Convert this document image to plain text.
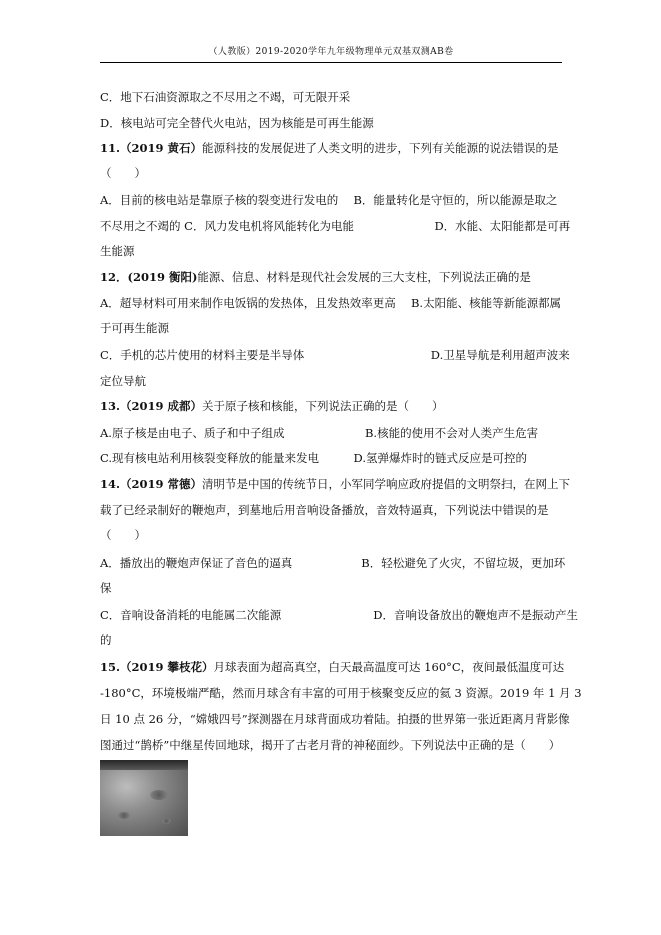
（人教版）2019-2020学年九年级物理单元双基双测AB卷
C．地下石油资源取之不尽用之不竭，可无限开采
D．核电站可完全替代火电站，因为核能是可再生能源
11.（2019 黄石）能源科技的发展促进了人类文明的进步，下列有关能源的说法错误的是
（　　）
A．目前的核电站是靠原子核的裂变进行发电的　 B．能量转化是守恒的，所以能源是取之
不尽用之不竭的 C．风力发电机将风能转化为电能　　　　　　　D．水能、太阳能都是可再
生能源
12．(2019 衡阳)能源、信息、材料是现代社会发展的三大支柱，下列说法正确的是
A．超导材料可用来制作电饭锅的发热体，且发热效率更高　 B.太阳能、核能等新能源都属
于可再生能源
C．手机的芯片使用的材料主要是半导体　　　　　　　　　　　D.卫星导航是利用超声波来
定位导航
13.（2019 成都）关于原子核和核能，下列说法正确的是（　　）
A.原子核是由电子、质子和中子组成　　　　　　　B.核能的使用不会对人类产生危害
C.现有核电站利用核裂变释放的能量来发电　　　D.氢弹爆炸时的链式反应是可控的
14.（2019 常德）清明节是中国的传统节日，小军同学响应政府提倡的文明祭扫，在网上下
载了已经录制好的鞭炮声，到墓地后用音响设备播放，音效特逼真，下列说法中错误的是
（　　）
A．播放出的鞭炮声保证了音色的逼真　　　　　　B．轻松避免了火灾，不留垃圾，更加环
保
C．音响设备消耗的电能属二次能源　　　　　　　　D．音响设备放出的鞭炮声不是振动产生
的
15.（2019 攀枝花）月球表面为超高真空，白天最高温度可达 160°C，夜间最低温度可达
-180°C，环境极端严酷，然而月球含有丰富的可用于核聚变反应的氦 3 资源。2019 年 1 月 3
日 10 点 26 分，“嫦娥四号”探测器在月球背面成功着陆。拍摄的世界第一张近距离月背影像
图通过“鹊桥”中继星传回地球，揭开了古老月背的神秘面纱。下列说法中正确的是（　　）
